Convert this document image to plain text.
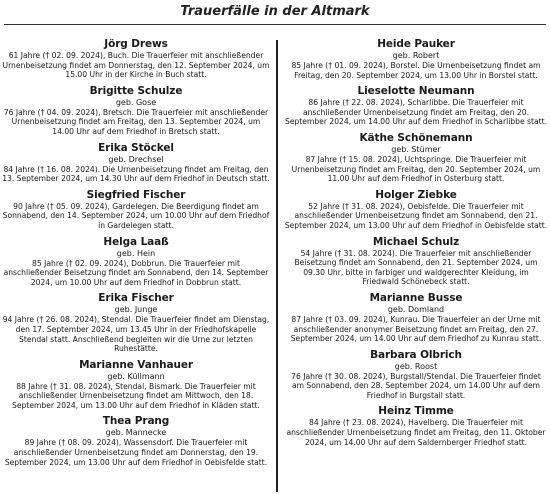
Trauerfälle in der Altmark
Jörg Drews
61 Jahre († 02. 09. 2024), Buch. Die Trauerfeier mit anschließender Urnenbeisetzung findet am Donnerstag, den 12. September 2024, um 15.00 Uhr in der Kirche in Buch statt.
Brigitte Schulze
geb. Gose
76 Jahre († 04. 09. 2024), Bretsch. Die Trauerfeier mit anschließender Urnenbeisetzung findet am Freitag, den 13. September 2024, um 14.00 Uhr auf dem Friedhof in Bretsch statt.
Erika Stöckel
geb. Drechsel
84 Jahre († 16. 08. 2024). Die Urnenbeisetzung findet am Freitag, den 13. September 2024, um 14.30 Uhr auf dem Friedhof in Deutsch statt.
Siegfried Fischer
90 Jahre († 05. 09. 2024), Gardelegen. Die Beerdigung findet am Sonnabend, den 14. September 2024, um 10.00 Uhr auf dem Friedhof in Gardelegen statt.
Helga Laaß
geb. Hein
85 Jahre († 02. 09. 2024), Dobbrun. Die Trauerfeier mit anschließender Beisetzung findet am Sonnabend, den 14. September 2024, um 10.00 Uhr auf dem Friedhof in Dobbrun statt.
Erika Fischer
geb. Junge
94 Jahre († 26. 08. 2024), Stendal. Die Trauerfeier findet am Dienstag, den 17. September 2024, um 13.45 Uhr in der Friedhofskapelle Stendal statt. Anschließend begleiten wir die Urne zur letzten Ruhestätte.
Marianne Vanhauer
geb. Küllmann
88 Jahre († 31. 08. 2024), Stendal, Bismark. Die Trauerfeier mit anschließender Urnenbeisetzung findet am Mittwoch, den 18. September 2024, um 13.00 Uhr auf dem Friedhof in Kläden statt.
Thea Prang
geb. Mannecke
89 Jahre († 08. 09. 2024), Wassensdorf. Die Trauerfeier mit anschließender Urnenbeisetzung findet am Donnerstag, den 19. September 2024, um 13.00 Uhr auf dem Friedhof in Oebisfelde statt.
Heide Pauker
geb. Robert
85 Jahre († 01. 09. 2024), Borstel. Die Urnenbeisetzung findet am Freitag, den 20. September 2024, um 13.00 Uhr in Borstel statt.
Lieselotte Neumann
86 Jahre († 22. 08. 2024), Scharlibbe. Die Trauerfeier mit anschließender Urnenbeisetzung findet am Freitag, den 20. September 2024, um 14.00 Uhr auf dem Friedhof in Scharlibbe statt.
Käthe Schönemann
geb. Stümer
87 Jahre († 15. 08. 2024), Uchtspringe. Die Trauerfeier mit Urnenbeisetzung findet am Freitag, den 20. September 2024, um 11.00 Uhr auf dem Friedhof in Osterburg statt.
Holger Ziebke
52 Jahre († 31. 08. 2024), Oebisfelde. Die Trauerfeier mit anschließender Urnenbeisetzung findet am Sonnabend, den 21. September 2024, um 13.00 Uhr auf dem Friedhof in Oebisfelde statt.
Michael Schulz
54 Jahre († 31. 08. 2024). Die Trauerfeier mit anschließender Beisetzung findet am Sonnabend, den 21. September 2024, um 09.30 Uhr, bitte in farbiger und waldgerechter Kleidung, im Friedwald Schönebeck statt.
Marianne Busse
geb. Domland
87 Jahre († 03. 09. 2024), Kunrau. Die Trauerfeier an der Urne mit anschließender anonymer Beisetzung findet am Freitag, den 27. September 2024, um 14.00 Uhr auf dem Friedhof zu Kunrau statt.
Barbara Olbrich
geb. Roost
76 Jahre († 30. 08. 2024), Burgstall/Stendal. Die Trauerfeier findet am Sonnabend, den 28. September 2024, um 14.00 Uhr auf dem Friedhof in Burgstall statt.
Heinz Timme
84 Jahre († 23. 08. 2024), Havelberg. Die Trauerfeier mit anschließender Urnenbeisetzung findet am Freitag, den 11. Oktober 2024, um 14.00 Uhr auf dem Saldernberger Friedhof statt.
